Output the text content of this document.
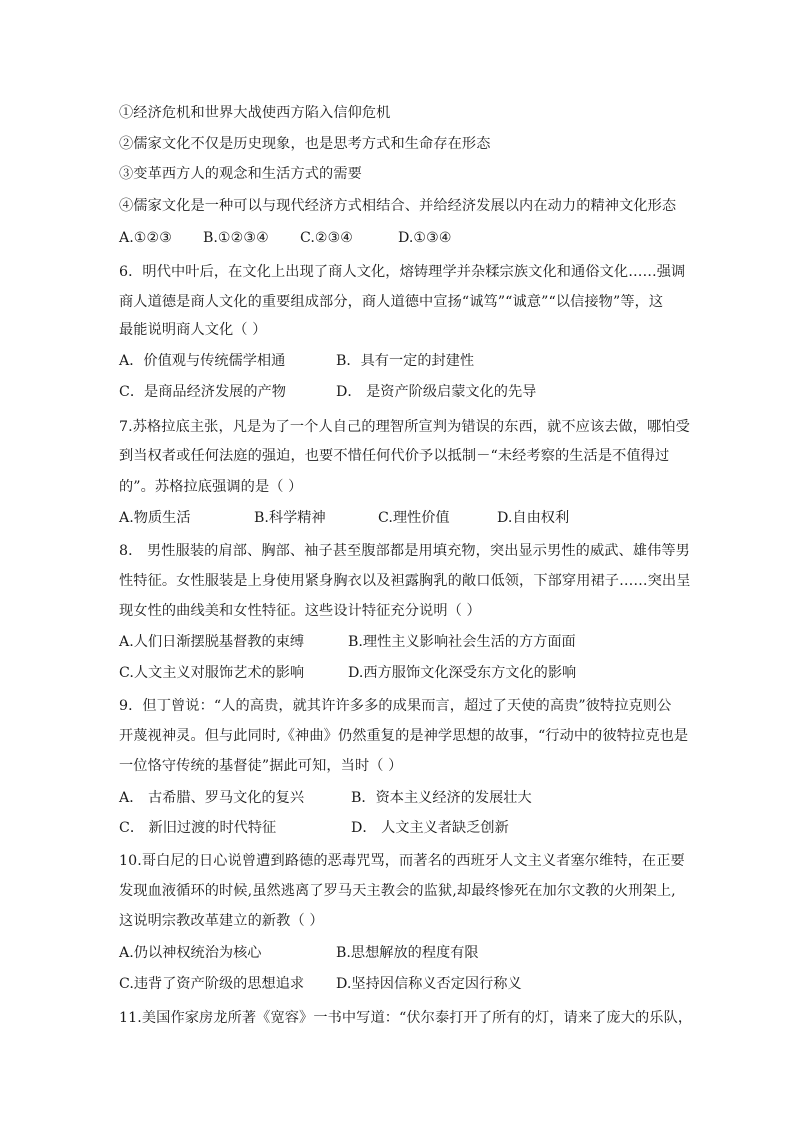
①经济危机和世界大战使西方陷入信仰危机
②儒家文化不仅是历史现象，也是思考方式和生命存在形态
③变革西方人的观念和生活方式的需要
④儒家文化是一种可以与现代经济方式相结合、并给经济发展以内在动力的精神文化形态
A.①②③ B.①②③④ C.②③④	D.①③④
6．明代中叶后，在文化上出现了商人文化，熔铸理学并杂糅宗族文化和通俗文化……强调
商人道德是商人文化的重要组成部分，商人道德中宣扬“诚笃”“诚意”“以信接物”等，这
最能说明商人文化（ ）
A．价值观与传统儒学相通	B．具有一定的封建性
C．是商品经济发展的产物	D． 是资产阶级启蒙文化的先导
7.苏格拉底主张，凡是为了一个人自己的理智所宣判为错误的东西，就不应该去做，哪怕受
到当权者或任何法庭的强迫，也要不惜任何代价予以抵制－“未经考察的生活是不值得过
的”。苏格拉底强调的是（ ）
A.物质生活	B.科学精神	C.理性价值	D.自由权利
8． 男性服装的肩部、胸部、袖子甚至腹部都是用填充物，突出显示男性的威武、雄伟等男
性特征。女性服装是上身使用紧身胸衣以及袒露胸乳的敞口低领，下部穿用裙子……突出呈
现女性的曲线美和女性特征。这些设计特征充分说明（ ）
A.人们日渐摆脱基督教的束缚	B.理性主义影响社会生活的方方面面
C.人文主义对服饰艺术的影响	D.西方服饰文化深受东方文化的影响
9．但丁曾说：“人的高贵，就其许许多多的成果而言，超过了天使的高贵”彼特拉克则公
开蔑视神灵。但与此同时,《神曲》仍然重复的是神学思想的故事，“行动中的彼特拉克也是
一位恪守传统的基督徒”据此可知，当时（ ）
A． 古希腊、罗马文化的复兴	B．资本主义经济的发展壮大
C． 新旧过渡的时代特征	D． 人文主义者缺乏创新
10.哥白尼的日心说曾遭到路德的恶毒咒骂，而著名的西班牙人文主义者塞尔维特，在正要
发现血液循环的时候,虽然逃离了罗马天主教会的监狱,却最终惨死在加尔文教的火刑架上,
这说明宗教改革建立的新教（ ）
A.仍以神权统治为核心	B.思想解放的程度有限
C.违背了资产阶级的思想追求 D.坚持因信称义否定因行称义
11.美国作家房龙所著《宽容》一书中写道：“伏尔泰打开了所有的灯，请来了庞大的乐队，
